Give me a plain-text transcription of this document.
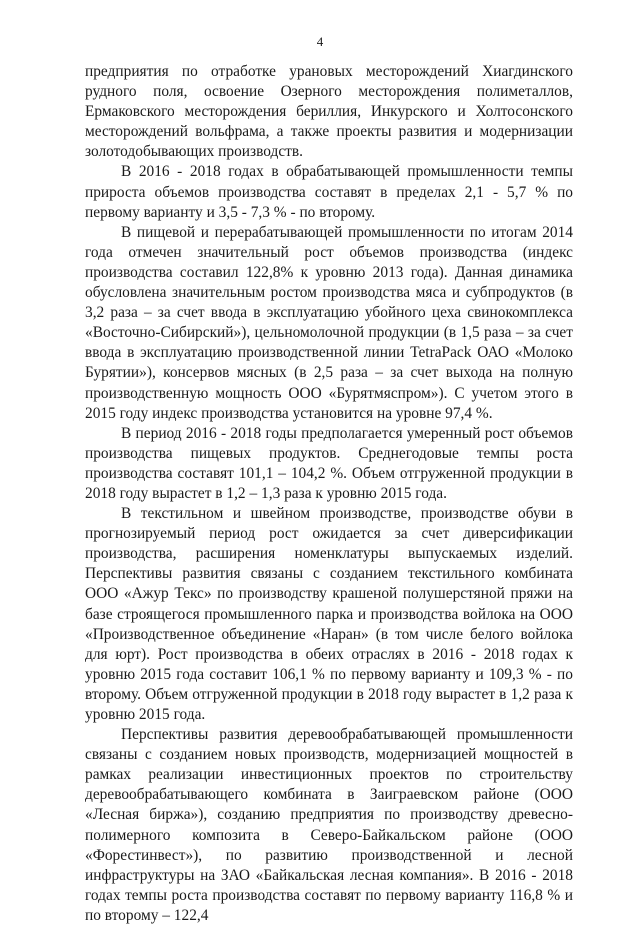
4

предприятия по отработке урановых месторождений Хиагдинского рудного поля, освоение Озерного месторождения полиметаллов, Ермаковского месторождения бериллия, Инкурского и Холтосонского месторождений вольфрама, а также проекты развития и модернизации золотодобывающих производств.

В 2016 - 2018 годах в обрабатывающей промышленности темпы прироста объемов производства составят в пределах 2,1 - 5,7 % по первому варианту и 3,5 - 7,3 % - по второму.

В пищевой и перерабатывающей промышленности по итогам 2014 года отмечен значительный рост объемов производства (индекс производства составил 122,8% к уровню 2013 года). Данная динамика обусловлена значительным ростом производства мяса и субпродуктов (в 3,2 раза – за счет ввода в эксплуатацию убойного цеха свинокомплекса «Восточно-Сибирский»), цельномолочной продукции (в 1,5 раза – за счет ввода в эксплуатацию производственной линии TetraPack ОАО «Молоко Бурятии»), консервов мясных (в 2,5 раза – за счет выхода на полную производственную мощность ООО «Бурятмяспром»). С учетом этого в 2015 году индекс производства установится на уровне 97,4 %.

В период 2016 - 2018 годы предполагается умеренный рост объемов производства пищевых продуктов. Среднегодовые темпы роста производства составят 101,1 – 104,2 %. Объем отгруженной продукции в 2018 году вырастет в 1,2 – 1,3 раза к уровню 2015 года.

В текстильном и швейном производстве, производстве обуви в прогнозируемый период рост ожидается за счет диверсификации производства, расширения номенклатуры выпускаемых изделий. Перспективы развития связаны с созданием текстильного комбината ООО «Ажур Текс» по производству крашеной полушерстяной пряжи на базе строящегося промышленного парка и производства войлока на ООО «Производственное объединение «Наран» (в том числе белого войлока для юрт). Рост производства в обеих отраслях в 2016 - 2018 годах к уровню 2015 года составит 106,1 % по первому варианту и 109,3 % - по второму. Объем отгруженной продукции в 2018 году вырастет в 1,2 раза к уровню 2015 года.

Перспективы развития деревообрабатывающей промышленности связаны с созданием новых производств, модернизацией мощностей в рамках реализации инвестиционных проектов по строительству деревообрабатывающего комбината в Заиграевском районе (ООО «Лесная биржа»), созданию предприятия по производству древесно-полимерного композита в Северо-Байкальском районе (ООО «Форестинвест»), по развитию производственной и лесной инфраструктуры на ЗАО «Байкальская лесная компания». В 2016 - 2018 годах темпы роста производства составят по первому варианту 116,8 % и по второму – 122,4
